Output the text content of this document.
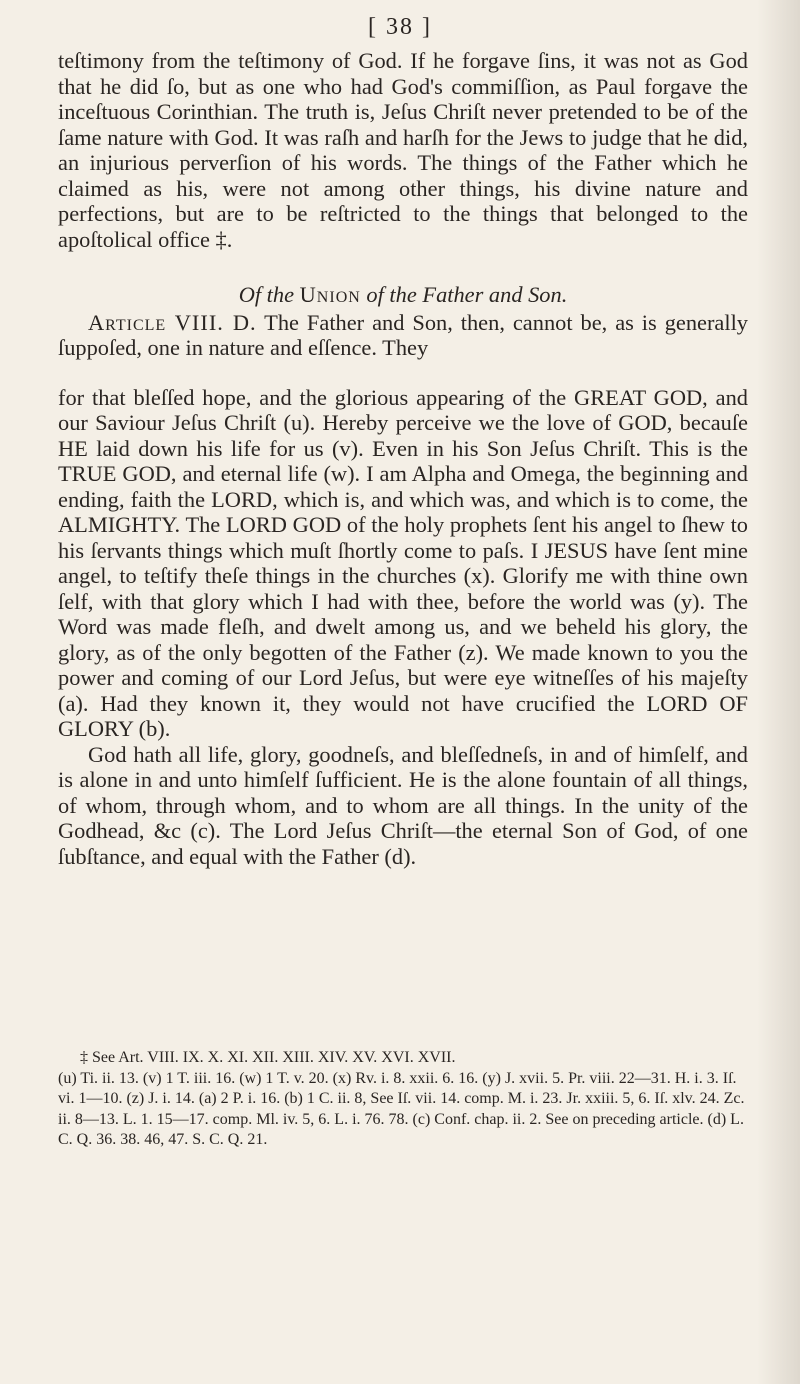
[ 38 ]

teſtimony from the teſtimony of God. If he forgave ſins, it was not as God that he did ſo, but as one who had God's commiſſion, as Paul forgave the inceſtuous Corinthian. The truth is, Jeſus Chriſt never pretended to be of the ſame nature with God. It was raſh and harſh for the Jews to judge that he did, an injurious perverſion of his words. The things of the Father which he claimed as his, were not among other things, his divine nature and perfections, but are to be reſtricted to the things that belonged to the apoſtolical office ‡.

Of the Union of the Father and Son.

Article VIII. D. The Father and Son, then, cannot be, as is generally ſuppoſed, one in nature and eſſence. They

for that bleſſed hope, and the glorious appearing of the GREAT GOD, and our Saviour Jeſus Chriſt (u). Hereby perceive we the love of GOD, becauſe HE laid down his life for us (v). Even in his Son Jeſus Chriſt. This is the TRUE GOD, and eternal life (w). I am Alpha and Omega, the beginning and ending, faith the LORD, which is, and which was, and which is to come, the ALMIGHTY. The LORD GOD of the holy prophets ſent his angel to ſhew to his ſervants things which muſt ſhortly come to paſs. I JESUS have ſent mine angel, to teſtify theſe things in the churches (x). Glorify me with thine own ſelf, with that glory which I had with thee, before the world was (y). The Word was made fleſh, and dwelt among us, and we beheld his glory, the glory, as of the only begotten of the Father (z). We made known to you the power and coming of our Lord Jeſus, but were eye witneſſes of his majeſty (a). Had they known it, they would not have crucified the LORD OF GLORY (b).

God hath all life, glory, goodneſs, and bleſſedneſs, in and of himſelf, and is alone in and unto himſelf ſufficient. He is the alone fountain of all things, of whom, through whom, and to whom are all things. In the unity of the Godhead, &c (c). The Lord Jeſus Chriſt—the eternal Son of God, of one ſubſtance, and equal with the Father (d).

‡ See Art. VIII. IX. X. XI. XII. XIII. XIV. XV. XVI. XVII.

(u) Ti. ii. 13. (v) 1 T. iii. 16. (w) 1 T. v. 20. (x) Rv. i. 8. xxii. 6. 16. (y) J. xvii. 5. Pr. viii. 22—31. H. i. 3. Iſ. vi. 1—10. (z) J. i. 14. (a) 2 P. i. 16. (b) 1 C. ii. 8, See Iſ. vii. 14. comp. M. i. 23. Jr. xxiii. 5, 6. Iſ. xlv. 24. Zc. ii. 8—13. L. 1. 15—17. comp. Ml. iv. 5, 6. L. i. 76. 78. (c) Conf. chap. ii. 2. See on preceding article. (d) L. C. Q. 36. 38. 46, 47. S. C. Q. 21.
